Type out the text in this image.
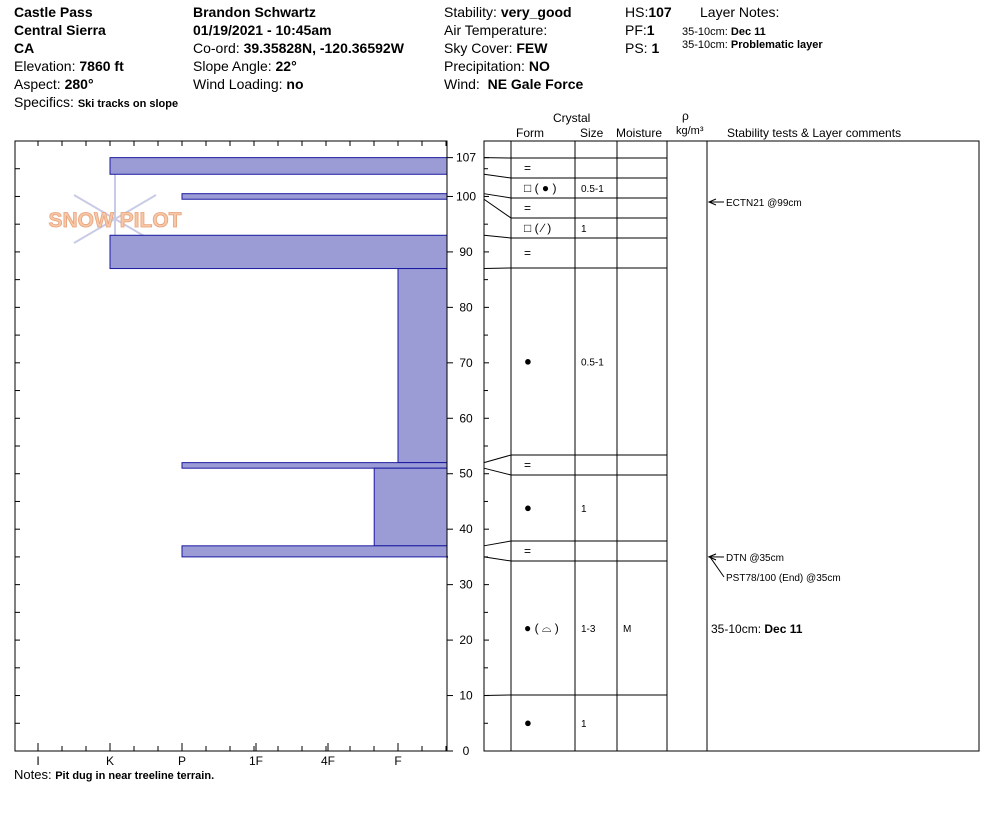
Castle Pass
Central Sierra
CA
Elevation: 7860 ft
Aspect: 280°
Specifics: Ski tracks on slope
Brandon Schwartz
01/19/2021 - 10:45am
Co-ord: 39.35828N, -120.36592W
Slope Angle: 22°
Wind Loading: no
Stability: very_good
Air Temperature:
Sky Cover: FEW
Precipitation: NO
Wind: NE Gale Force
HS:107
PF:1
PS: 1
Layer Notes:
35-10cm: Dec 11
35-10cm: Problematic layer
Crystal
Form	Size Moisture
ρ
kg/m³ Stability tests & Layer comments
Notes: Pit dug in near treeline terrain.
SNOW PILOT
I	K	P	1F	4F	F
0
10
20
30
40
50
60
70
80
90
100
107
=
□ ( ● ) 0.5-1
=
□ ( ∕ )	1
=
●	0.5-1
=
●	1
=
● ( ⌓ ) 1-3	M
●	1
ECTN21 @99cm
DTN @35cm
PST78/100 (End) @35cm
35-10cm: Dec 11
